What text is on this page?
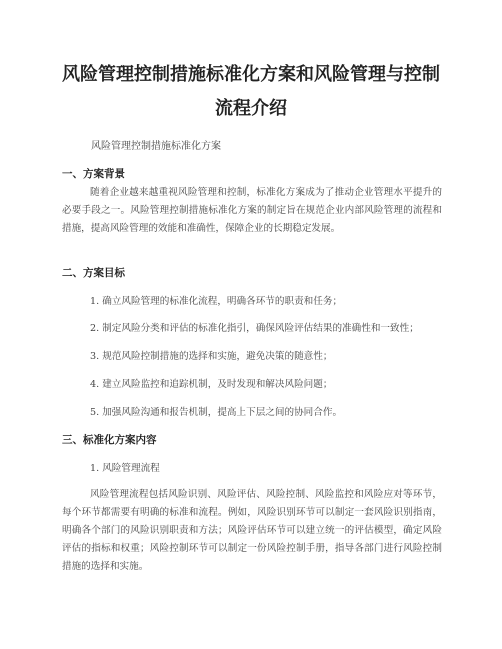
风险管理控制措施标准化方案和风险管理与控制流程介绍
风险管理控制措施标准化方案
一、方案背景

随着企业越来越重视风险管理和控制，标准化方案成为了推动企业管理水平提升的必要手段之一。风险管理控制措施标准化方案的制定旨在规范企业内部风险管理的流程和措施，提高风险管理的效能和准确性，保障企业的长期稳定发展。

二、方案目标
1. 确立风险管理的标准化流程，明确各环节的职责和任务；
2. 制定风险分类和评估的标准化指引，确保风险评估结果的准确性和一致性；
3. 规范风险控制措施的选择和实施，避免决策的随意性；
4. 建立风险监控和追踪机制，及时发现和解决风险问题；
5. 加强风险沟通和报告机制，提高上下层之间的协同合作。
三、标准化方案内容
1. 风险管理流程

风险管理流程包括风险识别、风险评估、风险控制、风险监控和风险应对等环节，每个环节都需要有明确的标准和流程。例如，风险识别环节可以制定一套风险识别指南，明确各个部门的风险识别职责和方法；风险评估环节可以建立统一的评估模型，确定风险评估的指标和权重；风险控制环节可以制定一份风险控制手册，指导各部门进行风险控制措施的选择和实施。
